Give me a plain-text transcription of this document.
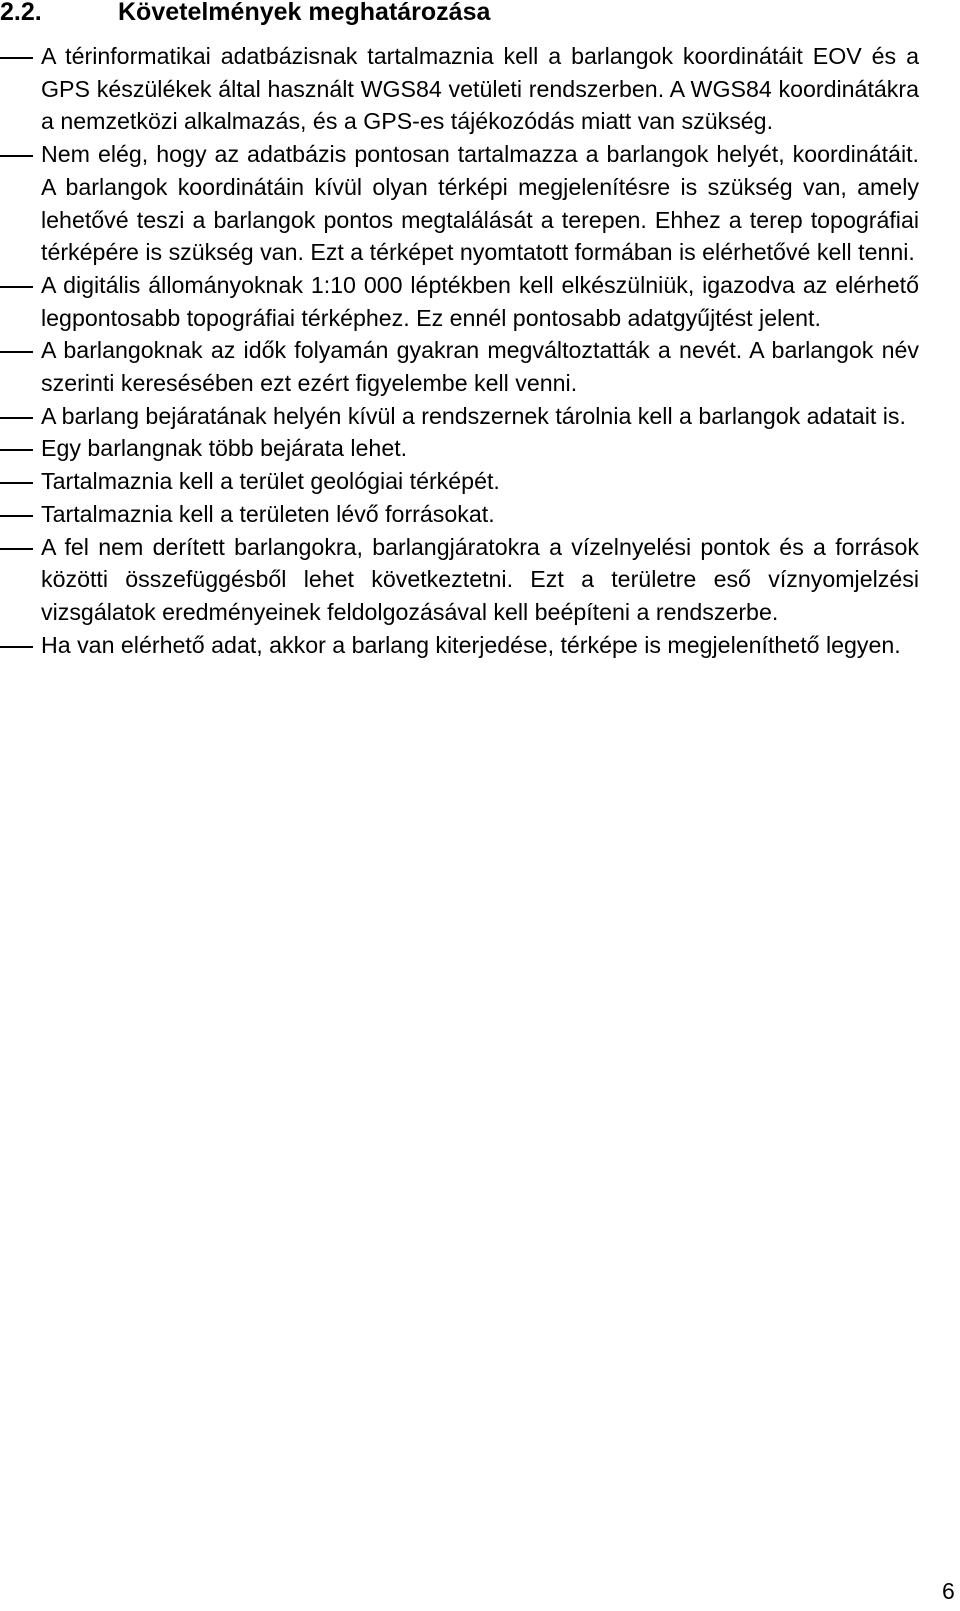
2.2.	Követelmények meghatározása
A térinformatikai adatbázisnak tartalmaznia kell a barlangok koordinátáit EOV és a GPS készülékek által használt WGS84 vetületi rendszerben. A WGS84 koordinátákra a nemzetközi alkalmazás, és a GPS-es tájékozódás miatt van szükség.
Nem elég, hogy az adatbázis pontosan tartalmazza a barlangok helyét, koordinátáit. A barlangok koordinátáin kívül olyan térképi megjelenítésre is szükség van, amely lehetővé teszi a barlangok pontos megtalálását a terepen. Ehhez a terep topográfiai térképére is szükség van. Ezt a térképet nyomtatott formában is elérhetővé kell tenni.
A digitális állományoknak 1:10 000 léptékben kell elkészülniük, igazodva az elérhető legpontosabb topográfiai térképhez. Ez ennél pontosabb adatgyűjtést jelent.
A barlangoknak az idők folyamán gyakran megváltoztatták a nevét. A barlangok név szerinti keresésében ezt ezért figyelembe kell venni.
A barlang bejáratának helyén kívül a rendszernek tárolnia kell a barlangok adatait is.
Egy barlangnak több bejárata lehet.
Tartalmaznia kell a terület geológiai térképét.
Tartalmaznia kell a területen lévő forrásokat.
A fel nem derített barlangokra, barlangjáratokra a vízelnyelési pontok és a források közötti összefüggésből lehet következtetni. Ezt a területre eső víznyomjelzési vizsgálatok eredményeinek feldolgozásával kell beépíteni a rendszerbe.
Ha van elérhető adat, akkor a barlang kiterjedése, térképe is megjeleníthető legyen.

6
